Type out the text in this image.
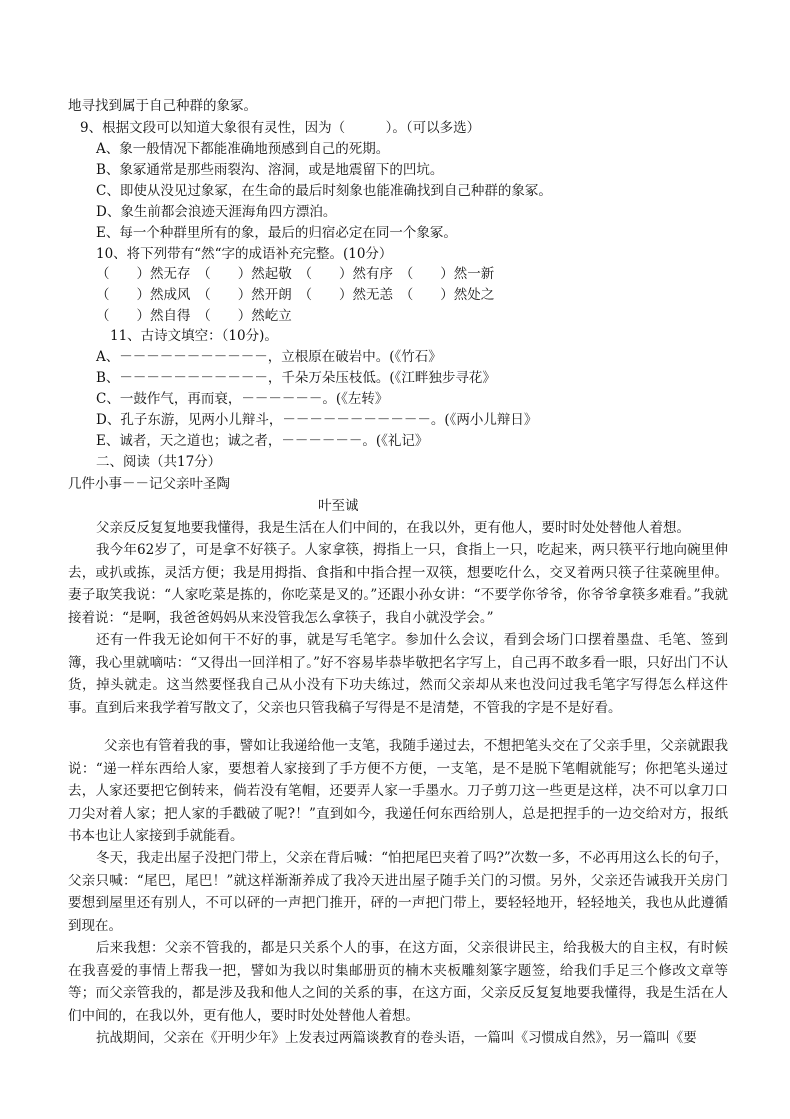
地寻找到属于自己种群的象冢。
9、根据文段可以知道大象很有灵性，因为（　　　）。（可以多选）
A、象一般情况下都能准确地预感到自己的死期。
B、象冢通常是那些雨裂沟、溶洞，或是地震留下的凹坑。
C、即使从没见过象冢，在生命的最后时刻象也能准确找到自己种群的象冢。
D、象生前都会浪迹天涯海角四方漂泊。
E、每一个种群里所有的象，最后的归宿必定在同一个象冢。
10、将下列带有“然“字的成语补充完整。(10分）
（　　）然无存　（　　）然起敬　（　　）然有序　（　　）然一新
（　　）然成风　（　　）然开朗　（　　）然无恙　（　　）然处之
（　　）然自得　（　　）然屹立
11、古诗文填空：（10分)。
A、－－－－－－－－－－－，立根原在破岩中。(《竹石》
B、－－－－－－－－－－－，千朵万朵压枝低。(《江畔独步寻花》
C、一鼓作气，再而衰，－－－－－－。(《左转》
D、孔子东游，见两小儿辩斗，－－－－－－－－－－－。(《两小儿辩日》
E、诚者，天之道也；诚之者，－－－－－－。(《礼记》
二、阅读（共17分）
几件小事－－记父亲叶圣陶
叶至诚
父亲反反复复地要我懂得，我是生活在人们中间的，在我以外，更有他人，要时时处处替他人着想。
我今年62岁了，可是拿不好筷子。人家拿筷，拇指上一只，食指上一只，吃起来，两只筷平行地向碗里伸去，或扒或拣，灵活方便；我是用拇指、食指和中指合捏一双筷，想要吃什么，交叉着两只筷子往菜碗里伸。妻子取笑我说：“人家吃菜是拣的，你吃菜是叉的。”还跟小孙女讲：“不要学你爷爷，你爷爷拿筷多难看。”我就接着说：“是啊，我爸爸妈妈从来没管我怎么拿筷子，我自小就没学会。”
还有一件我无论如何干不好的事，就是写毛笔字。参加什么会议，看到会场门口摆着墨盘、毛笔、签到簿，我心里就嘀咕：“又得出一回洋相了。”好不容易毕恭毕敬把名字写上，自己再不敢多看一眼，只好出门不认货，掉头就走。这当然要怪我自己从小没有下功夫练过，然而父亲却从来也没问过我毛笔字写得怎么样这件事。直到后来我学着写散文了，父亲也只管我稿子写得是不是清楚，不管我的字是不是好看。
父亲也有管着我的事，譬如让我递给他一支笔，我随手递过去，不想把笔头交在了父亲手里，父亲就跟我说：“递一样东西给人家，要想着人家接到了手方便不方便，一支笔，是不是脱下笔帽就能写；你把笔头递过去，人家还要把它倒转来，倘若没有笔帽，还要弄人家一手墨水。刀子剪刀这一些更是这样，决不可以拿刀口刀尖对着人家；把人家的手戳破了呢?！”直到如今，我递任何东西给别人，总是把捏手的一边交给对方，报纸书本也让人家接到手就能看。
冬天，我走出屋子没把门带上，父亲在背后喊：“怕把尾巴夹着了吗?”次数一多，不必再用这么长的句子，父亲只喊：“尾巴，尾巴！”就这样渐渐养成了我冷天进出屋子随手关门的习惯。另外，父亲还告诫我开关房门要想到屋里还有别人，不可以砰的一声把门推开，砰的一声把门带上，要轻轻地开，轻轻地关，我也从此遵循到现在。
后来我想：父亲不管我的，都是只关系个人的事，在这方面，父亲很讲民主，给我极大的自主权，有时候在我喜爱的事情上帮我一把，譬如为我以时集邮册页的楠木夹板雕刻篆字题签，给我们手足三个修改文章等等；而父亲管我的，都是涉及我和他人之间的关系的事，在这方面，父亲反反复复地要我懂得，我是生活在人们中间的，在我以外，更有他人，要时时处处替他人着想。
抗战期间，父亲在《开明少年》上发表过两篇谈教育的卷头语，一篇叫《习惯成自然》，另一篇叫《要
